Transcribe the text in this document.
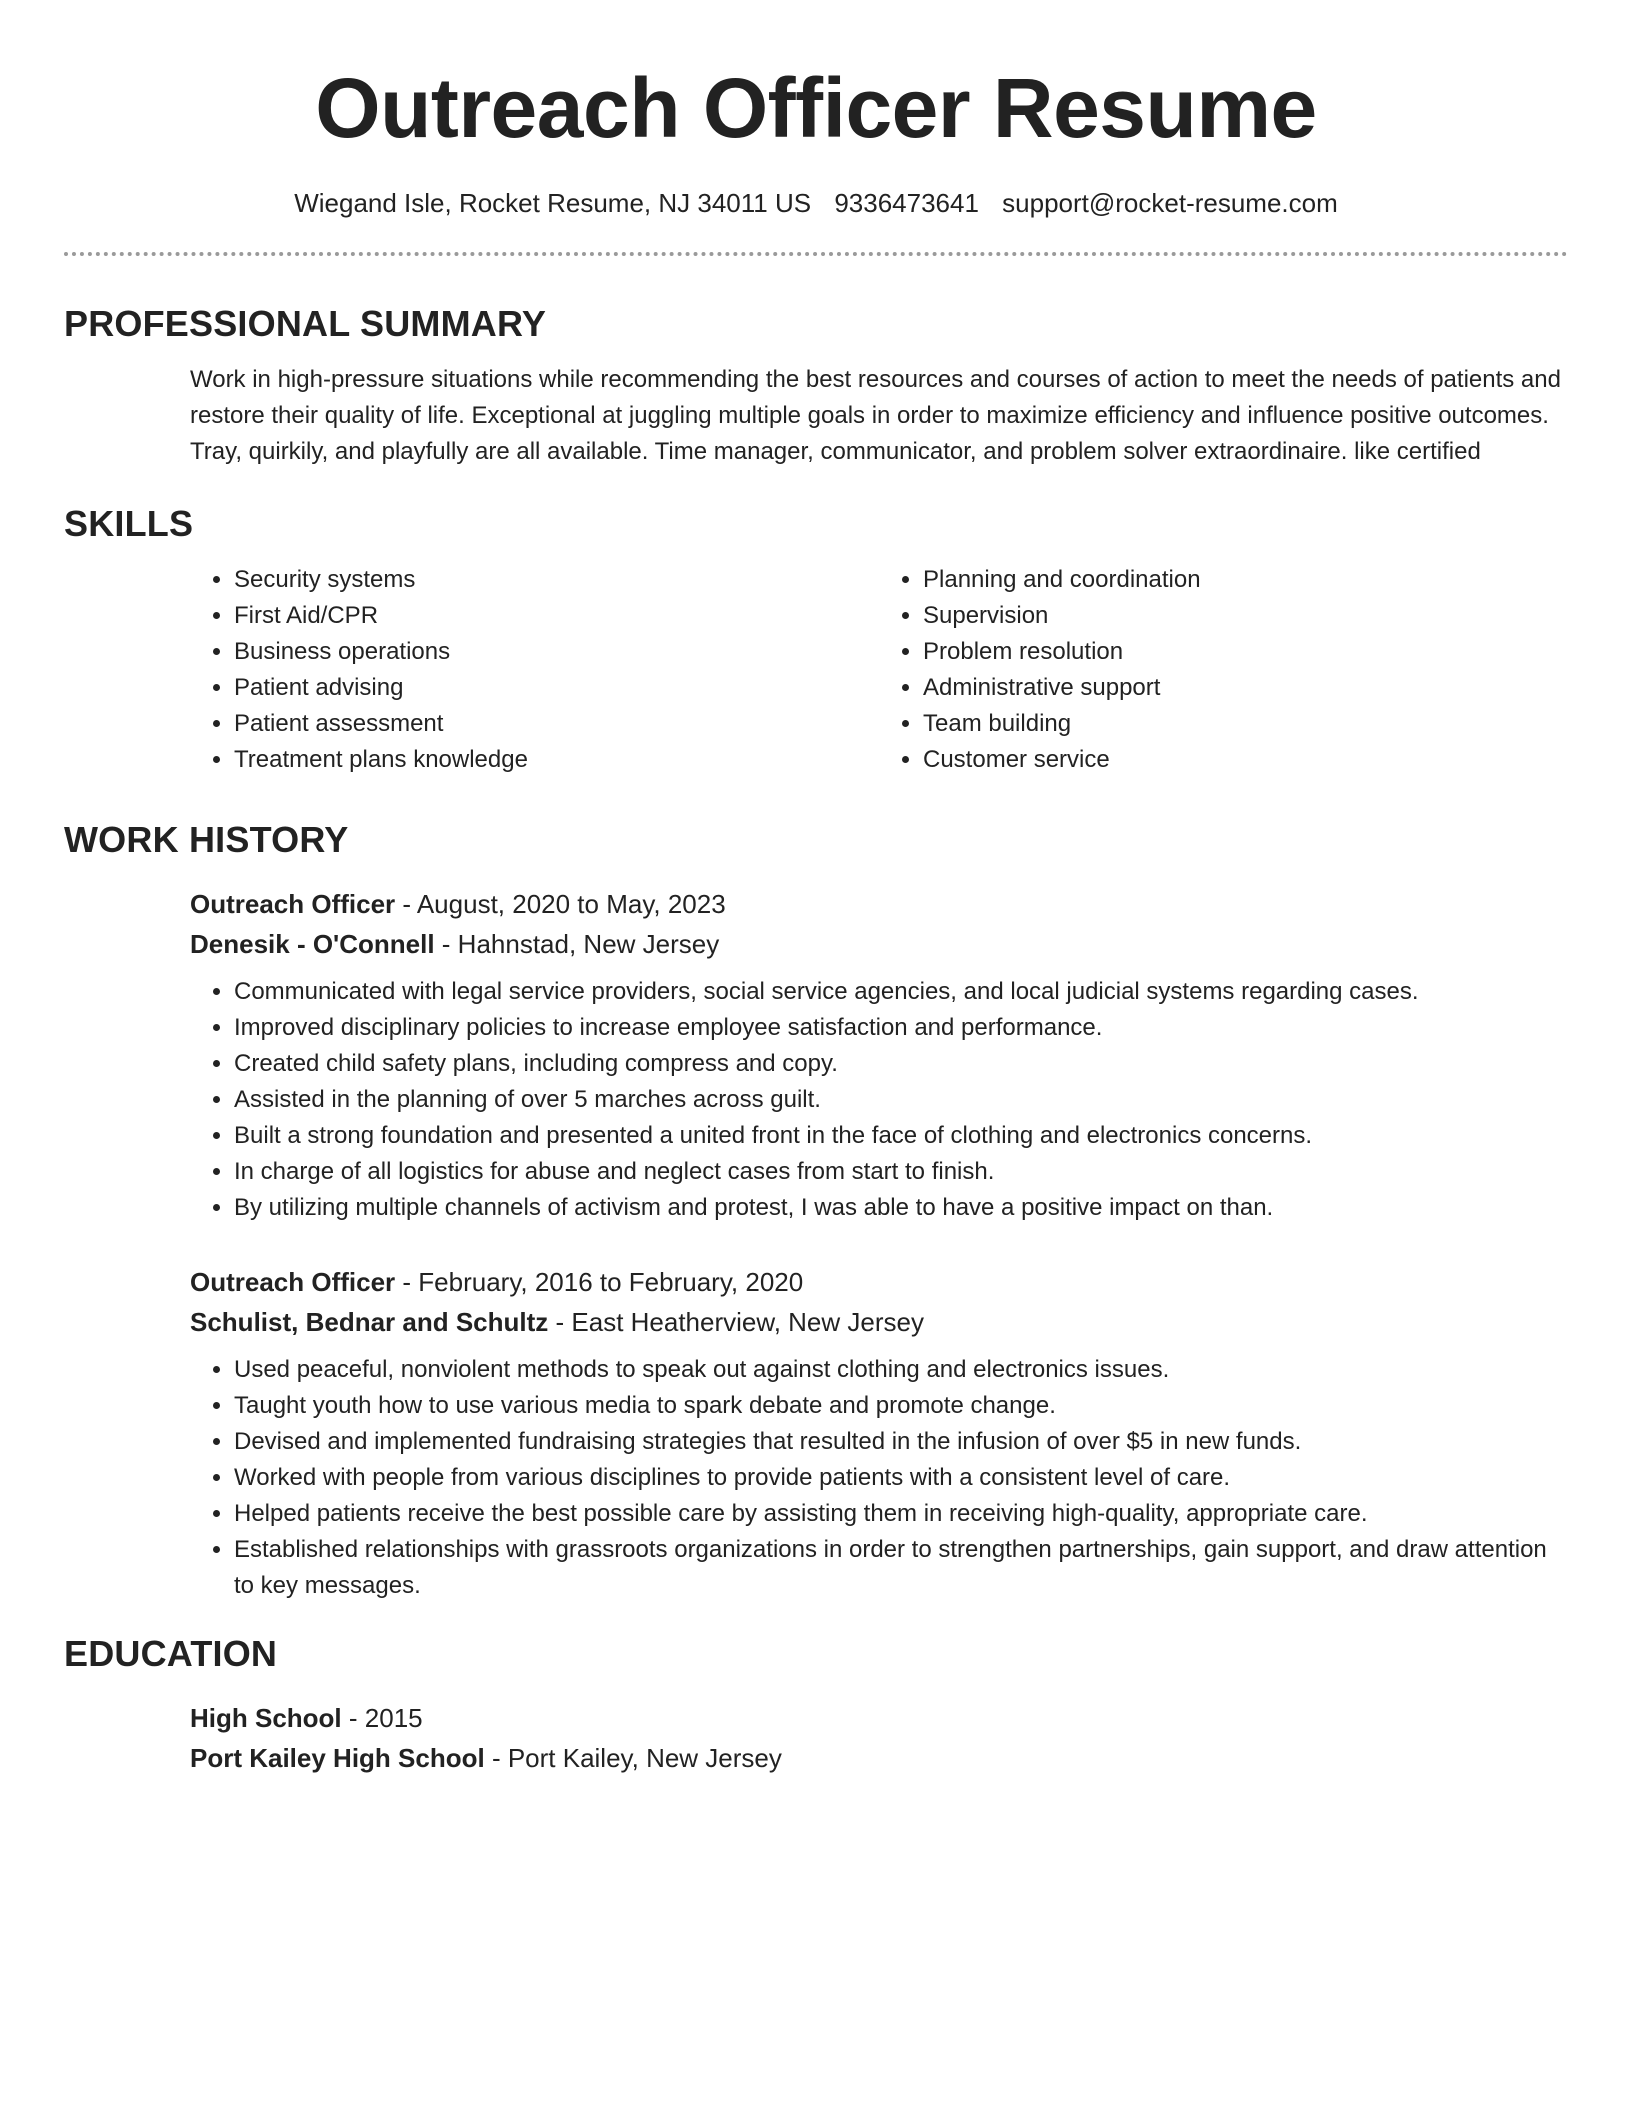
Outreach Officer Resume
Wiegand Isle, Rocket Resume, NJ 34011 US 9336473641 support@rocket-resume.com
PROFESSIONAL SUMMARY
Work in high-pressure situations while recommending the best resources and courses of action to meet the needs of patients and restore their quality of life. Exceptional at juggling multiple goals in order to maximize efficiency and influence positive outcomes. Tray, quirkily, and playfully are all available. Time manager, communicator, and problem solver extraordinaire. like certified
SKILLS
• Security systems
• First Aid/CPR
• Business operations
• Patient advising
• Patient assessment
• Treatment plans knowledge
• Planning and coordination
• Supervision
• Problem resolution
• Administrative support
• Team building
• Customer service
WORK HISTORY
Outreach Officer - August, 2020 to May, 2023
Denesik - O'Connell - Hahnstad, New Jersey
• Communicated with legal service providers, social service agencies, and local judicial systems regarding cases.
• Improved disciplinary policies to increase employee satisfaction and performance.
• Created child safety plans, including compress and copy.
• Assisted in the planning of over 5 marches across guilt.
• Built a strong foundation and presented a united front in the face of clothing and electronics concerns.
• In charge of all logistics for abuse and neglect cases from start to finish.
• By utilizing multiple channels of activism and protest, I was able to have a positive impact on than.
Outreach Officer - February, 2016 to February, 2020
Schulist, Bednar and Schultz - East Heatherview, New Jersey
• Used peaceful, nonviolent methods to speak out against clothing and electronics issues.
• Taught youth how to use various media to spark debate and promote change.
• Devised and implemented fundraising strategies that resulted in the infusion of over $5 in new funds.
• Worked with people from various disciplines to provide patients with a consistent level of care.
• Helped patients receive the best possible care by assisting them in receiving high-quality, appropriate care.
• Established relationships with grassroots organizations in order to strengthen partnerships, gain support, and draw attention to key messages.
EDUCATION
High School - 2015
Port Kailey High School - Port Kailey, New Jersey
